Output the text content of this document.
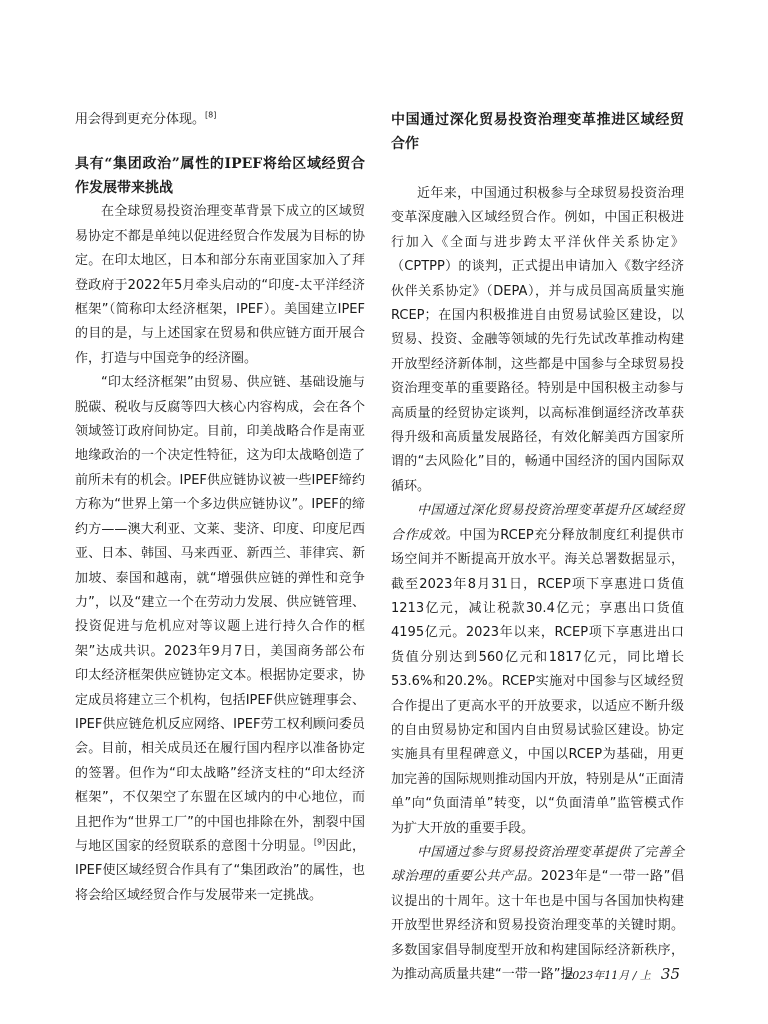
用会得到更充分体现。[8]

具有“集团政治”属性的IPEF将给区域经贸合作发展带来挑战

在全球贸易投资治理变革背景下成立的区域贸易协定不都是单纯以促进经贸合作发展为目标的协定。在印太地区，日本和部分东南亚国家加入了拜登政府于2022年5月牵头启动的“印度-太平洋经济框架”（简称印太经济框架，IPEF）。美国建立IPEF的目的是，与上述国家在贸易和供应链方面开展合作，打造与中国竞争的经济圈。

“印太经济框架”由贸易、供应链、基础设施与脱碳、税收与反腐等四大核心内容构成，会在各个领域签订政府间协定。目前，印美战略合作是南亚地缘政治的一个决定性特征，这为印太战略创造了前所未有的机会。IPEF供应链协议被一些IPEF缔约方称为“世界上第一个多边供应链协议”。IPEF的缔约方——澳大利亚、文莱、斐济、印度、印度尼西亚、日本、韩国、马来西亚、新西兰、菲律宾、新加坡、泰国和越南，就“增强供应链的弹性和竞争力”，以及“建立一个在劳动力发展、供应链管理、投资促进与危机应对等议题上进行持久合作的框架”达成共识。2023年9月7日，美国商务部公布印太经济框架供应链协定文本。根据协定要求，协定成员将建立三个机构，包括IPEF供应链理事会、IPEF供应链危机反应网络、IPEF劳工权利顾问委员会。目前，相关成员还在履行国内程序以准备协定的签署。但作为“印太战略”经济支柱的“印太经济框架”，不仅架空了东盟在区域内的中心地位，而且把作为“世界工厂”的中国也排除在外，割裂中国与地区国家的经贸联系的意图十分明显。[9]因此，IPEF使区域经贸合作具有了“集团政治”的属性，也将会给区域经贸合作与发展带来一定挑战。

中国通过深化贸易投资治理变革推进区域经贸合作

近年来，中国通过积极参与全球贸易投资治理变革深度融入区域经贸合作。例如，中国正积极进行加入《全面与进步跨太平洋伙伴关系协定》（CPTPP）的谈判，正式提出申请加入《数字经济伙伴关系协定》（DEPA），并与成员国高质量实施RCEP；在国内积极推进自由贸易试验区建设，以贸易、投资、金融等领域的先行先试改革推动构建开放型经济新体制，这些都是中国参与全球贸易投资治理变革的重要路径。特别是中国积极主动参与高质量的经贸协定谈判，以高标准倒逼经济改革获得升级和高质量发展路径，有效化解美西方国家所谓的“去风险化”目的，畅通中国经济的国内国际双循环。

中国通过深化贸易投资治理变革提升区域经贸合作成效。中国为RCEP充分释放制度红利提供市场空间并不断提高开放水平。海关总署数据显示，截至2023年8月31日，RCEP项下享惠进口货值1213亿元，减让税款30.4亿元；享惠出口货值4195亿元。2023年以来，RCEP项下享惠进出口货值分别达到560亿元和1817亿元，同比增长53.6%和20.2%。RCEP实施对中国参与区域经贸合作提出了更高水平的开放要求，以适应不断升级的自由贸易协定和国内自由贸易试验区建设。协定实施具有里程碑意义，中国以RCEP为基础，用更加完善的国际规则推动国内开放，特别是从“正面清单”向“负面清单”转变，以“负面清单”监管模式作为扩大开放的重要手段。

中国通过参与贸易投资治理变革提供了完善全球治理的重要公共产品。2023年是“一带一路”倡议提出的十周年。这十年也是中国与各国加快构建开放型世界经济和贸易投资治理变革的关键时期。多数国家倡导制度型开放和构建国际经济新秩序，为推动高质量共建“一带一路”提

2023年11月 / 上 35
